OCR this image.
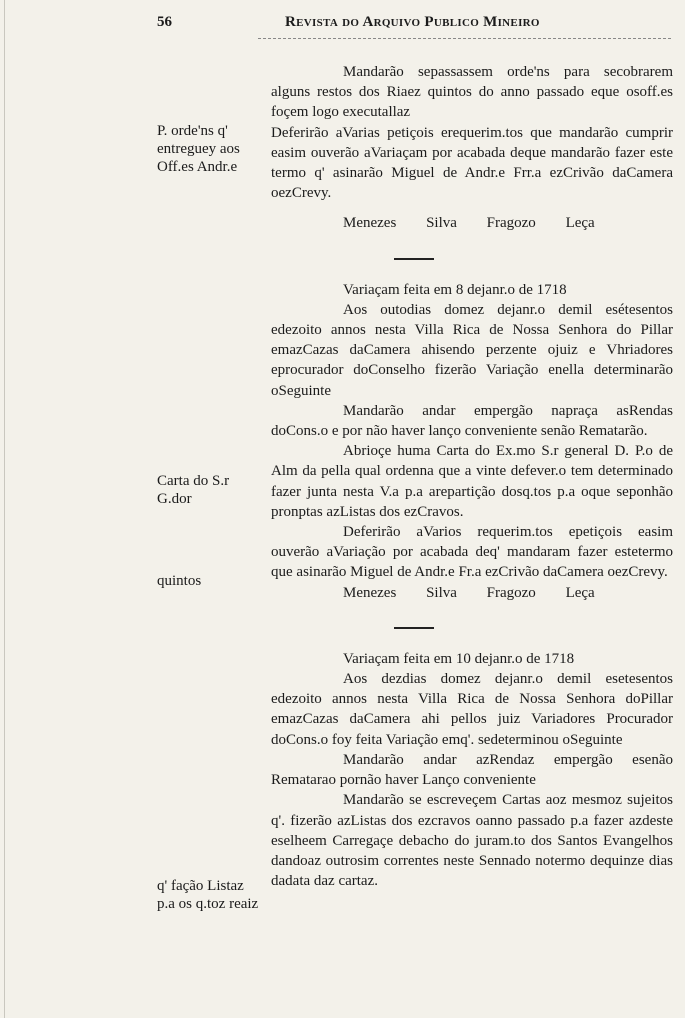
56	Revista do Arquivo Publico Mineiro

Mandarão sepassassem orde'ns para secobrarem alguns restos dos Riaez quintos do anno passado eque osoff.es foçem logo executallaz

Deferirão aVarias petiçois erequerim.tos que mandarão cumprir easim ouverão aVariaçam por acabada deque mandarão fazer este termo q' asinarão Miguel de Andr.e Frr.a ezCrivão daCamera oezCrevy.

Menezes Silva Fragozo Leça

Variaçam feita em 8 dejanr.o de 1718

Aos outodias domez dejanr.o demil esétesentos edezoito annos nesta Villa Rica de Nossa Senhora do Pillar emazCazas daCamera ahisendo perzente ojuiz e Vhriadores eprocurador doConselho fizerão Variação enella determinarão oSeguinte

Mandarão andar empergão napraça asRendas doCons.o e por não haver lanço conveniente senão Rematarão.

Abrioçe huma Carta do Ex.mo S.r general D. P.o de Alm da pella qual ordenna que a vinte defever.o tem determinado fazer junta nesta V.a p.a arepartição dosq.tos p.a oque seponhão pronptas azListas dos ezCravos.

Deferirão aVarios requerim.tos epetiçois easim ouverão aVariação por acabada deq' mandaram fazer estetermo que asinarão Miguel de Andr.e Fr.a ezCrivão daCamera oezCrevy.

Menezes Silva Fragozo Leça

Variaçam feita em 10 dejanr.o de 1718

Aos dezdias domez dejanr.o demil esetesentos edezoito annos nesta Villa Rica de Nossa Senhora doPillar emazCazas daCamera ahi pellos juiz Variadores Procurador doCons.o foy feita Variação emq'. sedeterminou oSeguinte

Mandarão andar azRendaz empergão esenão Rematarao pornão haver Lanço conveniente

Mandarão se escreveçem Cartas aoz mesmoz sujeitos q'. fizerão azListas dos ezcravos oanno passado p.a fazer azdeste eselheem Carregaçe debacho do juram.to dos Santos Evangelhos dandoaz outrosim correntes neste Sennado notermo dequinze dias dadata daz cartaz.

P. orde'ns q' entreguey aos Off.es Andr.e

Carta do S.r G.dor

quintos

q' fação Listaz p.a os q.toz reaiz
